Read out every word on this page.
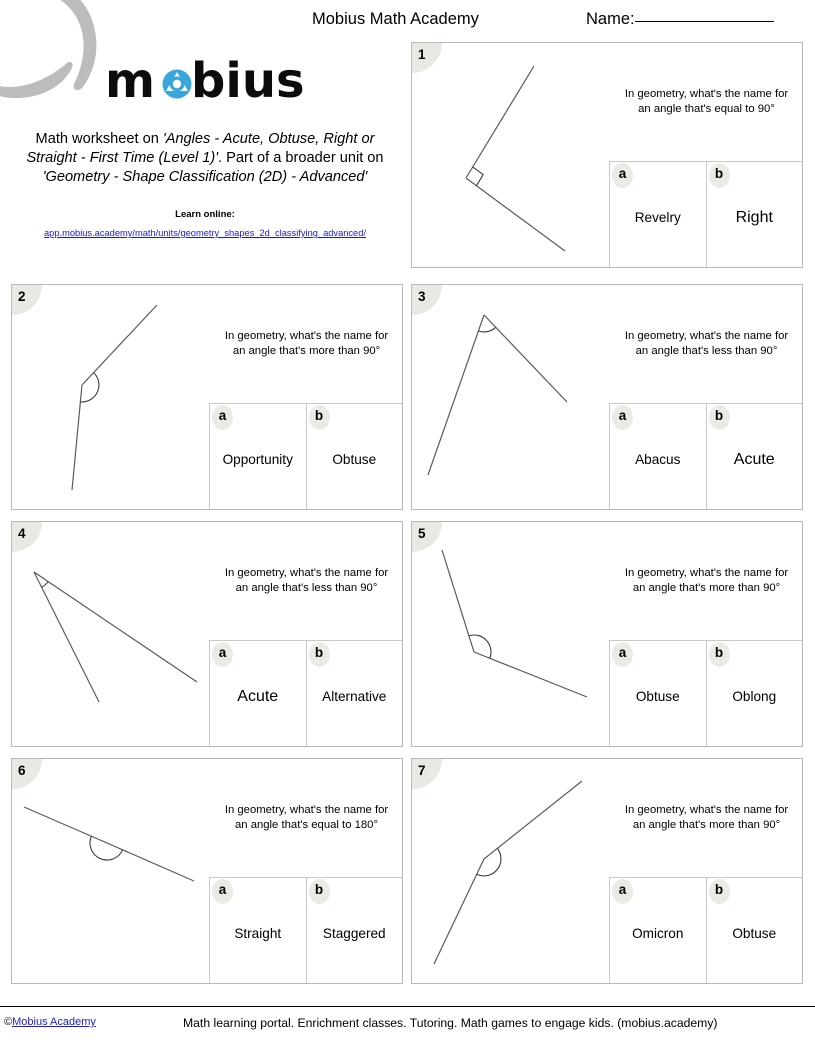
Mobius Math Academy	Name:
m bius
Math worksheet on 'Angles - Acute, Obtuse, Right or Straight - First Time (Level 1)'. Part of a broader unit on 'Geometry - Shape Classification (2D) - Advanced'
Learn online:
app.mobius.academy/math/units/geometry_shapes_2d_classifying_advanced/
1
In geometry, what's the name for an angle that's equal to 90°
a
Revelry
b
Right
2
In geometry, what's the name for an angle that's more than 90°
a
Opportunity
b
Obtuse
3
In geometry, what's the name for an angle that's less than 90°
a
Abacus
b
Acute
4
In geometry, what's the name for an angle that's less than 90°
a
Acute
b
Alternative
5
In geometry, what's the name for an angle that's more than 90°
a
Obtuse
b
Oblong
6
In geometry, what's the name for an angle that's equal to 180°
a
Straight
b
Staggered
7
In geometry, what's the name for an angle that's more than 90°
a
Omicron
b
Obtuse
©Mobius Academy	Math learning portal. Enrichment classes. Tutoring. Math games to engage kids. (mobius.academy)
